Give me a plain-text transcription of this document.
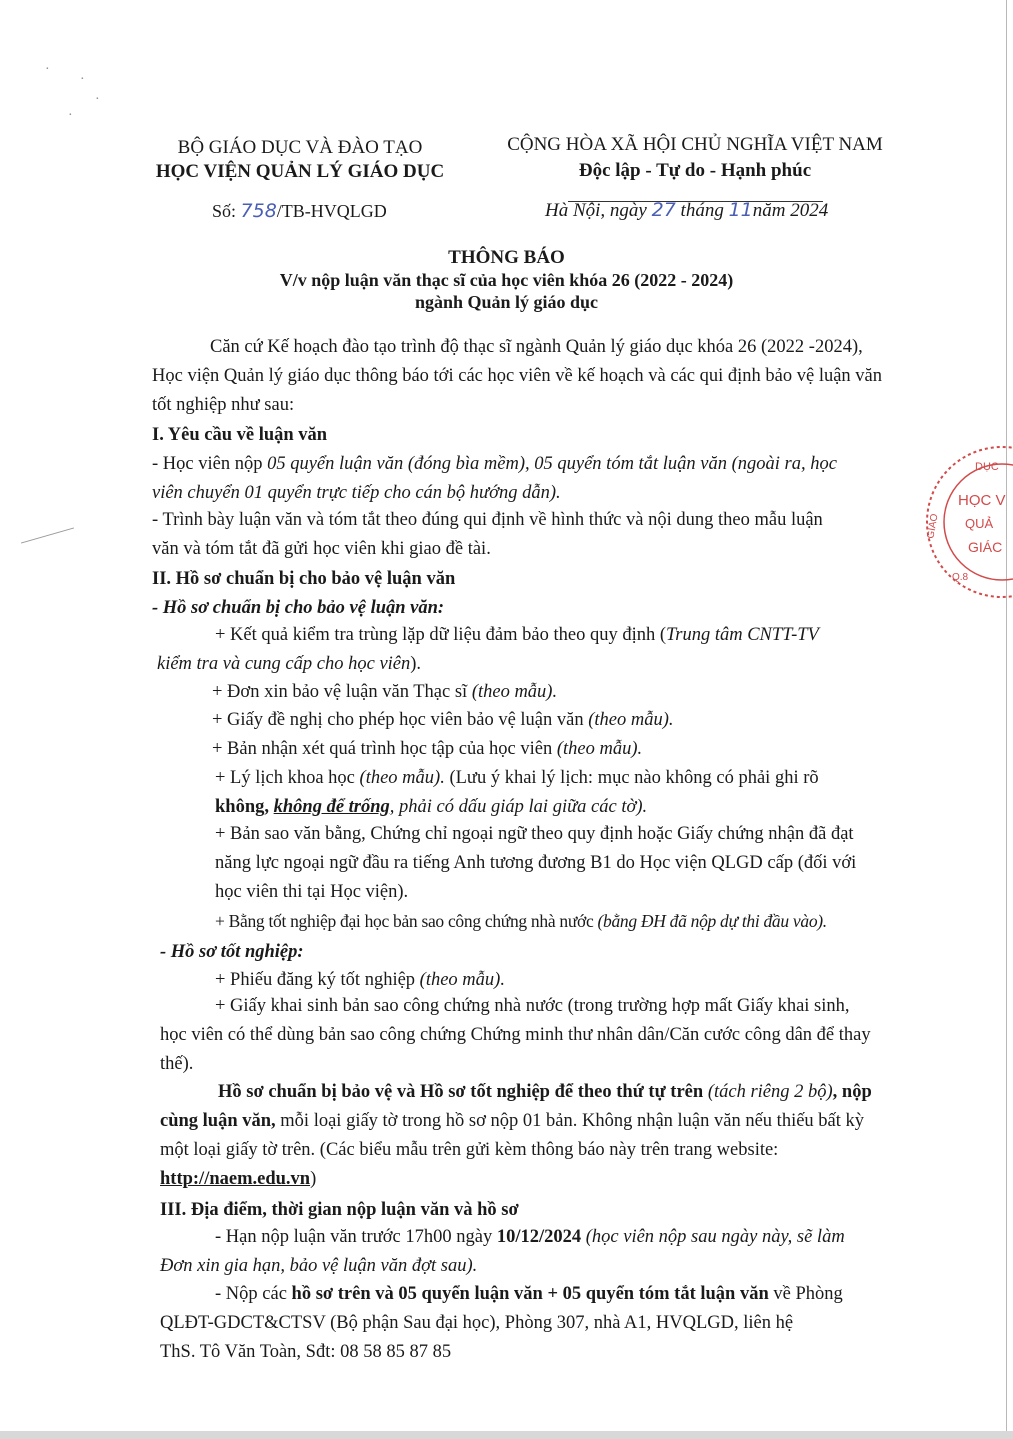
BỘ GIÁO DỤC VÀ ĐÀO TẠO
HỌC VIỆN QUẢN LÝ GIÁO DỤC
CỘNG HÒA XÃ HỘI CHỦ NGHĨA VIỆT NAM
Độc lập - Tự do - Hạnh phúc
Số: 758/TB-HVQLGD	Hà Nội, ngày 27 tháng 11năm 2024
THÔNG BÁO
V/v nộp luận văn thạc sĩ của học viên khóa 26 (2022 - 2024)
ngành Quản lý giáo dục
Căn cứ Kế hoạch đào tạo trình độ thạc sĩ ngành Quản lý giáo dục khóa 26 (2022 -2024),
Học viện Quản lý giáo dục thông báo tới các học viên về kế hoạch và các qui định bảo vệ luận văn
tốt nghiệp như sau:
I. Yêu cầu về luận văn
- Học viên nộp 05 quyển luận văn (đóng bìa mềm), 05 quyển tóm tắt luận văn (ngoài ra, học
viên chuyển 01 quyển trực tiếp cho cán bộ hướng dẫn).
- Trình bày luận văn và tóm tắt theo đúng qui định về hình thức và nội dung theo mẫu luận
văn và tóm tắt đã gửi học viên khi giao đề tài.
II. Hồ sơ chuẩn bị cho bảo vệ luận văn
- Hồ sơ chuẩn bị cho bảo vệ luận văn:
+ Kết quả kiểm tra trùng lặp dữ liệu đảm bảo theo quy định (Trung tâm CNTT-TV
kiểm tra và cung cấp cho học viên).
+ Đơn xin bảo vệ luận văn Thạc sĩ (theo mẫu).
+ Giấy đề nghị cho phép học viên bảo vệ luận văn (theo mẫu).
+ Bản nhận xét quá trình học tập của học viên (theo mẫu).
+ Lý lịch khoa học (theo mẫu). (Lưu ý khai lý lịch: mục nào không có phải ghi rõ
không, không để trống, phải có dấu giáp lai giữa các tờ).
+ Bản sao văn bằng, Chứng chỉ ngoại ngữ theo quy định hoặc Giấy chứng nhận đã đạt
năng lực ngoại ngữ đầu ra tiếng Anh tương đương B1 do Học viện QLGD cấp (đối với
học viên thi tại Học viện).
+ Bằng tốt nghiệp đại học bản sao công chứng nhà nước (bằng ĐH đã nộp dự thi đầu vào).
- Hồ sơ tốt nghiệp:
+ Phiếu đăng ký tốt nghiệp (theo mẫu).
+ Giấy khai sinh bản sao công chứng nhà nước (trong trường hợp mất Giấy khai sinh,
học viên có thể dùng bản sao công chứng Chứng minh thư nhân dân/Căn cước công dân để thay
thế).
Hồ sơ chuẩn bị bảo vệ và Hồ sơ tốt nghiệp để theo thứ tự trên (tách riêng 2 bộ), nộp
cùng luận văn, mỗi loại giấy tờ trong hồ sơ nộp 01 bản. Không nhận luận văn nếu thiếu bất kỳ
một loại giấy tờ trên. (Các biểu mẫu trên gửi kèm thông báo này trên trang website:
http://naem.edu.vn)
III. Địa điểm, thời gian nộp luận văn và hồ sơ
- Hạn nộp luận văn trước 17h00 ngày 10/12/2024 (học viên nộp sau ngày này, sẽ làm
Đơn xin gia hạn, bảo vệ luận văn đợt sau).
- Nộp các hồ sơ trên và 05 quyển luận văn + 05 quyển tóm tắt luận văn về Phòng
QLĐT-GDCT&CTSV (Bộ phận Sau đại học), Phòng 307, nhà A1, HVQLGD, liên hệ
ThS. Tô Văn Toàn, Sđt: 08 58 85 87 85
DỤC
GIÁO
HỌC V
QUẢ
GIÁC
Q.8
·
·
·
·
